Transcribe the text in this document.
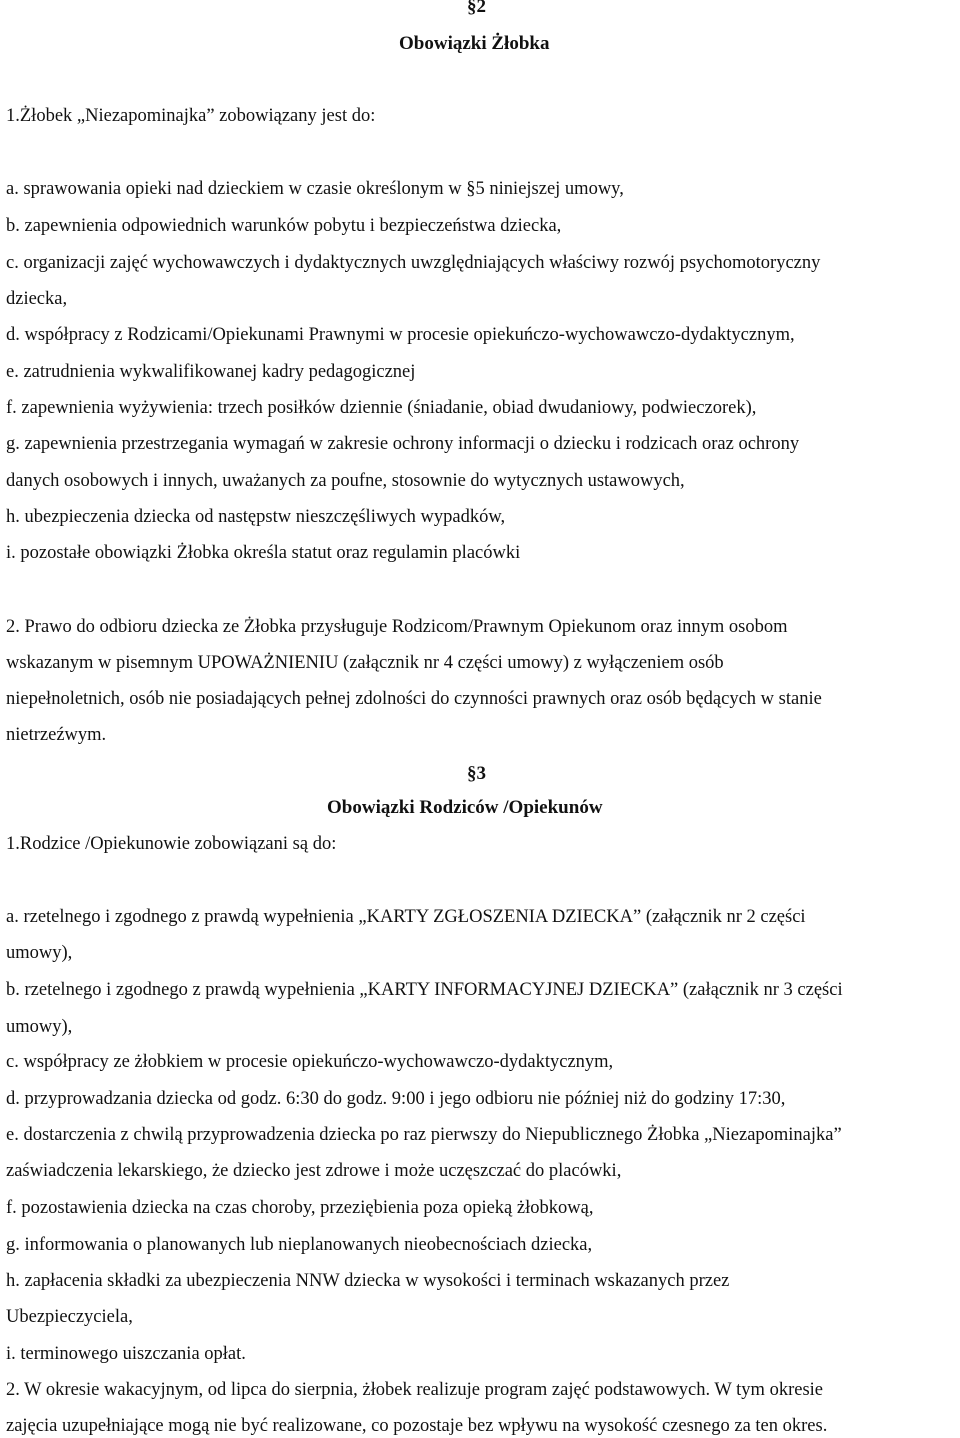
§2
Obowiązki Żłobka
1.Żłobek „Niezapominajka” zobowiązany jest do:
a. sprawowania opieki nad dzieckiem w czasie określonym w §5 niniejszej umowy,
b. zapewnienia odpowiednich warunków pobytu i bezpieczeństwa dziecka,
c. organizacji zajęć wychowawczych i dydaktycznych uwzględniających właściwy rozwój psychomotoryczny
dziecka,
d. współpracy z Rodzicami/Opiekunami Prawnymi w procesie opiekuńczo-wychowawczo-dydaktycznym,
e. zatrudnienia wykwalifikowanej kadry pedagogicznej
f. zapewnienia wyżywienia: trzech posiłków dziennie (śniadanie, obiad dwudaniowy, podwieczorek),
g. zapewnienia przestrzegania wymagań w zakresie ochrony informacji o dziecku i rodzicach oraz ochrony
danych osobowych i innych, uważanych za poufne, stosownie do wytycznych ustawowych,
h. ubezpieczenia dziecka od następstw nieszczęśliwych wypadków,
i. pozostałe obowiązki Żłobka określa statut oraz regulamin placówki
2. Prawo do odbioru dziecka ze Żłobka przysługuje Rodzicom/Prawnym Opiekunom oraz innym osobom
wskazanym w pisemnym UPOWAŻNIENIU (załącznik nr 4 części umowy) z wyłączeniem osób
niepełnoletnich, osób nie posiadających pełnej zdolności do czynności prawnych oraz osób będących w stanie
nietrzeźwym.
§3
Obowiązki Rodziców /Opiekunów
1.Rodzice /Opiekunowie zobowiązani są do:
a. rzetelnego i zgodnego z prawdą wypełnienia „KARTY ZGŁOSZENIA DZIECKA” (załącznik nr 2 części
umowy),
b. rzetelnego i zgodnego z prawdą wypełnienia „KARTY INFORMACYJNEJ DZIECKA” (załącznik nr 3 części
umowy),
c. współpracy ze żłobkiem w procesie opiekuńczo-wychowawczo-dydaktycznym,
d. przyprowadzania dziecka od godz. 6:30 do godz. 9:00 i jego odbioru nie później niż do godziny 17:30,
e. dostarczenia z chwilą przyprowadzenia dziecka po raz pierwszy do Niepublicznego Żłobka „Niezapominajka”
zaświadczenia lekarskiego, że dziecko jest zdrowe i może uczęszczać do placówki,
f. pozostawienia dziecka na czas choroby, przeziębienia poza opieką żłobkową,
g. informowania o planowanych lub nieplanowanych nieobecnościach dziecka,
h. zapłacenia składki za ubezpieczenia NNW dziecka w wysokości i terminach wskazanych przez
Ubezpieczyciela,
i. terminowego uiszczania opłat.
2. W okresie wakacyjnym, od lipca do sierpnia, żłobek realizuje program zajęć podstawowych. W tym okresie
zajęcia uzupełniające mogą nie być realizowane, co pozostaje bez wpływu na wysokość czesnego za ten okres.
